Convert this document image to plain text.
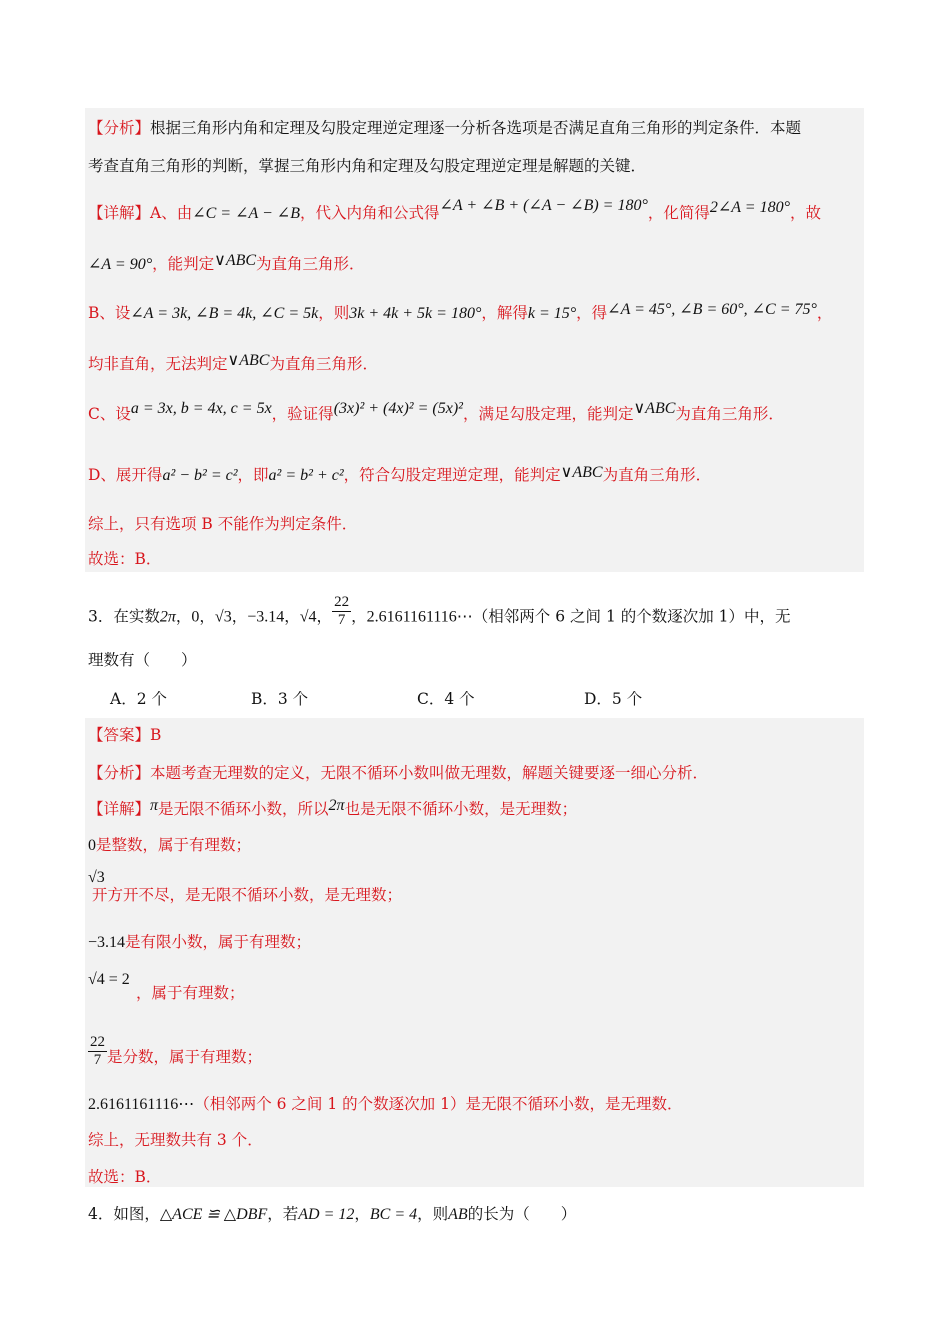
【分析】根据三角形内角和定理及勾股定理逆定理逐一分析各选项是否满足直角三角形的判定条件．本题
考查直角三角形的判断，掌握三角形内角和定理及勾股定理逆定理是解题的关键．
【详解】A、由∠C = ∠A − ∠B，代入内角和公式得∠A + ∠B + (∠A − ∠B) = 180°，化简得2∠A = 180°，故
∠A = 90°，能判定∨ABC为直角三角形．
B、设∠A = 3k, ∠B = 4k, ∠C = 5k，则3k + 4k + 5k = 180°，解得k = 15°，得∠A = 45°, ∠B = 60°, ∠C = 75°，
均非直角，无法判定∨ABC为直角三角形．
C、设a = 3x, b = 4x, c = 5x，验证得(3x)² + (4x)² = (5x)²，满足勾股定理，能判定∨ABC为直角三角形．
D、展开得a² − b² = c²，即a² = b² + c²，符合勾股定理逆定理，能判定∨ABC为直角三角形．
综上，只有选项 B 不能作为判定条件．
故选：B．
3．在实数2π，0，√3，−3.14，√4， $\frac{22}{7}$ ，2.6161161116⋯（相邻两个 6 之间 1 的个数逐次加 1）中，无
理数有（　　）
A．2 个	B．3 个	C．4 个	D．5 个
【答案】B
【分析】本题考查无理数的定义，无限不循环小数叫做无理数，解题关键要逐一细心分析．
【详解】π是无限不循环小数，所以2π也是无限不循环小数，是无理数；
0是整数，属于有理数；
√3
开方开不尽，是无限不循环小数，是无理数；
−3.14是有限小数，属于有理数；
√4 = 2
，属于有理数；
$\frac{22}{7}$ 是分数，属于有理数；
2.6161161116⋯（相邻两个 6 之间 1 的个数逐次加 1）是无限不循环小数，是无理数．
综上，无理数共有 3 个．
故选：B．
4．如图，△ACE ≌ △DBF，若AD = 12，BC = 4，则AB的长为（　　）
